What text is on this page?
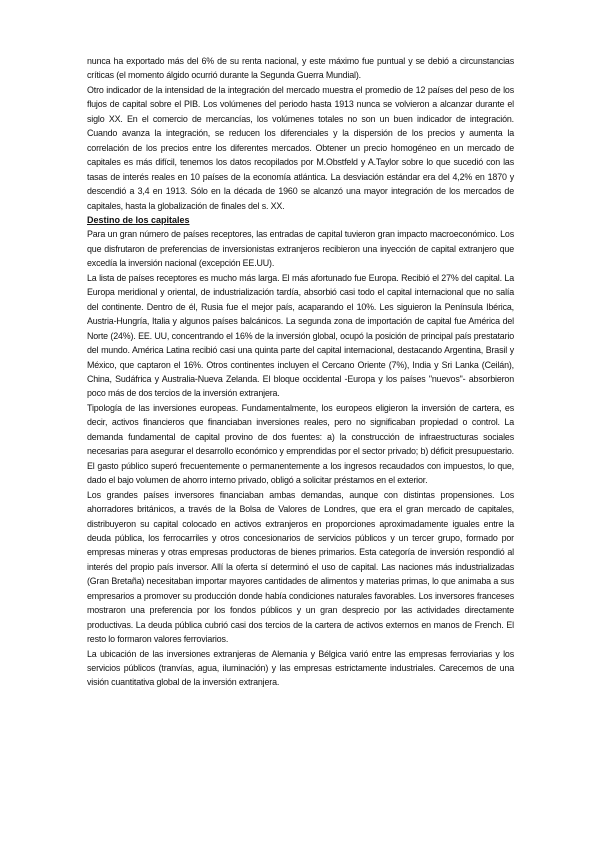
nunca ha exportado más del 6% de su renta nacional, y este máximo fue puntual y se debió a circunstancias críticas (el momento álgido ocurrió durante la Segunda Guerra Mundial).

Otro indicador de la intensidad de la integración del mercado muestra el promedio de 12 países del peso de los flujos de capital sobre el PIB. Los volúmenes del periodo hasta 1913 nunca se volvieron a alcanzar durante el siglo XX. En el comercio de mercancías, los volúmenes totales no son un buen indicador de integración. Cuando avanza la integración, se reducen los diferenciales y la dispersión de los precios y aumenta la correlación de los precios entre los diferentes mercados. Obtener un precio homogéneo en un mercado de capitales es más difícil, tenemos los datos recopilados por M.Obstfeld y A.Taylor sobre lo que sucedió con las tasas de interés reales en 10 países de la economía atlántica. La desviación estándar era del 4,2% en 1870 y descendió a 3,4 en 1913. Sólo en la década de 1960 se alcanzó una mayor integración de los mercados de capitales, hasta la globalización de finales del s. XX.

Destino de los capitales

Para un gran número de países receptores, las entradas de capital tuvieron gran impacto macroeconómico. Los que disfrutaron de preferencias de inversionistas extranjeros recibieron una inyección de capital extranjero que excedía la inversión nacional (excepción EE.UU).

La lista de países receptores es mucho más larga. El más afortunado fue Europa. Recibió el 27% del capital. La Europa meridional y oriental, de industrialización tardía, absorbió casi todo el capital internacional que no salía del continente. Dentro de él, Rusia fue el mejor país, acaparando el 10%. Les siguieron la Península Ibérica, Austria-Hungría, Italia y algunos países balcánicos. La segunda zona de importación de capital fue América del Norte (24%). EE. UU, concentrando el 16% de la inversión global, ocupó la posición de principal país prestatario del mundo. América Latina recibió casi una quinta parte del capital internacional, destacando Argentina, Brasil y México, que captaron el 16%. Otros continentes incluyen el Cercano Oriente (7%), India y Sri Lanka (Ceilán), China, Sudáfrica y Australia-Nueva Zelanda. El bloque occidental -Europa y los países "nuevos"- absorbieron poco más de dos tercios de la inversión extranjera.

Tipología de las inversiones europeas. Fundamentalmente, los europeos eligieron la inversión de cartera, es decir, activos financieros que financiaban inversiones reales, pero no significaban propiedad o control. La demanda fundamental de capital provino de dos fuentes: a) la construcción de infraestructuras sociales necesarias para asegurar el desarrollo económico y emprendidas por el sector privado; b) déficit presupuestario. El gasto público superó frecuentemente o permanentemente a los ingresos recaudados con impuestos, lo que, dado el bajo volumen de ahorro interno privado, obligó a solicitar préstamos en el exterior.

Los grandes países inversores financiaban ambas demandas, aunque con distintas propensiones. Los ahorradores británicos, a través de la Bolsa de Valores de Londres, que era el gran mercado de capitales, distribuyeron su capital colocado en activos extranjeros en proporciones aproximadamente iguales entre la deuda pública, los ferrocarriles y otros concesionarios de servicios públicos y un tercer grupo, formado por empresas mineras y otras empresas productoras de bienes primarios. Esta categoría de inversión respondió al interés del propio país inversor. Allí la oferta sí determinó el uso de capital. Las naciones más industrializadas (Gran Bretaña) necesitaban importar mayores cantidades de alimentos y materias primas, lo que animaba a sus empresarios a promover su producción donde había condiciones naturales favorables. Los inversores franceses mostraron una preferencia por los fondos públicos y un gran desprecio por las actividades directamente productivas. La deuda pública cubrió casi dos tercios de la cartera de activos externos en manos de French. El resto lo formaron valores ferroviarios.

La ubicación de las inversiones extranjeras de Alemania y Bélgica varió entre las empresas ferroviarias y los servicios públicos (tranvías, agua, iluminación) y las empresas estrictamente industriales. Carecemos de una visión cuantitativa global de la inversión extranjera.
